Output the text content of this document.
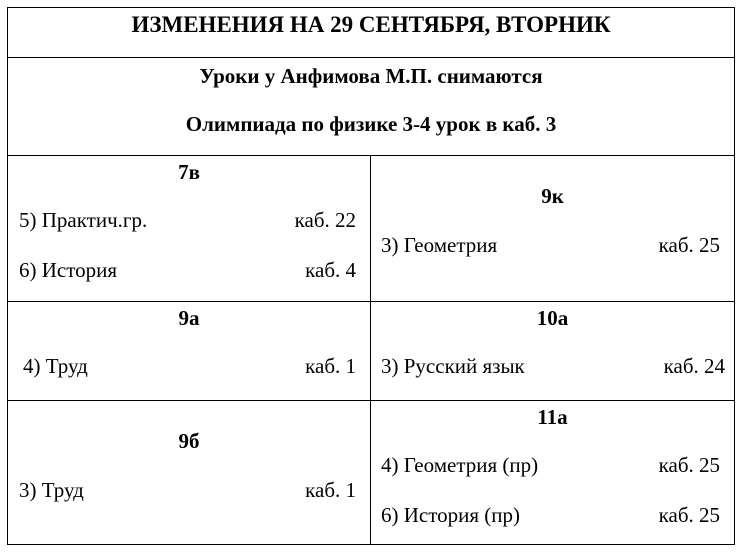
ИЗМЕНЕНИЯ НА 29 СЕНТЯБРЯ, ВТОРНИК
Уроки у Анфимова М.П. снимаются
Олимпиада по физике 3-4 урок в каб. 3
7в
5) Практич.гр.	каб. 22
6) История	каб. 4
9к
3) Геометрия	каб. 25
9а
4) Труд	каб. 1
10а
3) Русский язык	каб. 24
9б
3) Труд	каб. 1
11а
4) Геометрия (пр)	каб. 25
6) История (пр)	каб. 25
